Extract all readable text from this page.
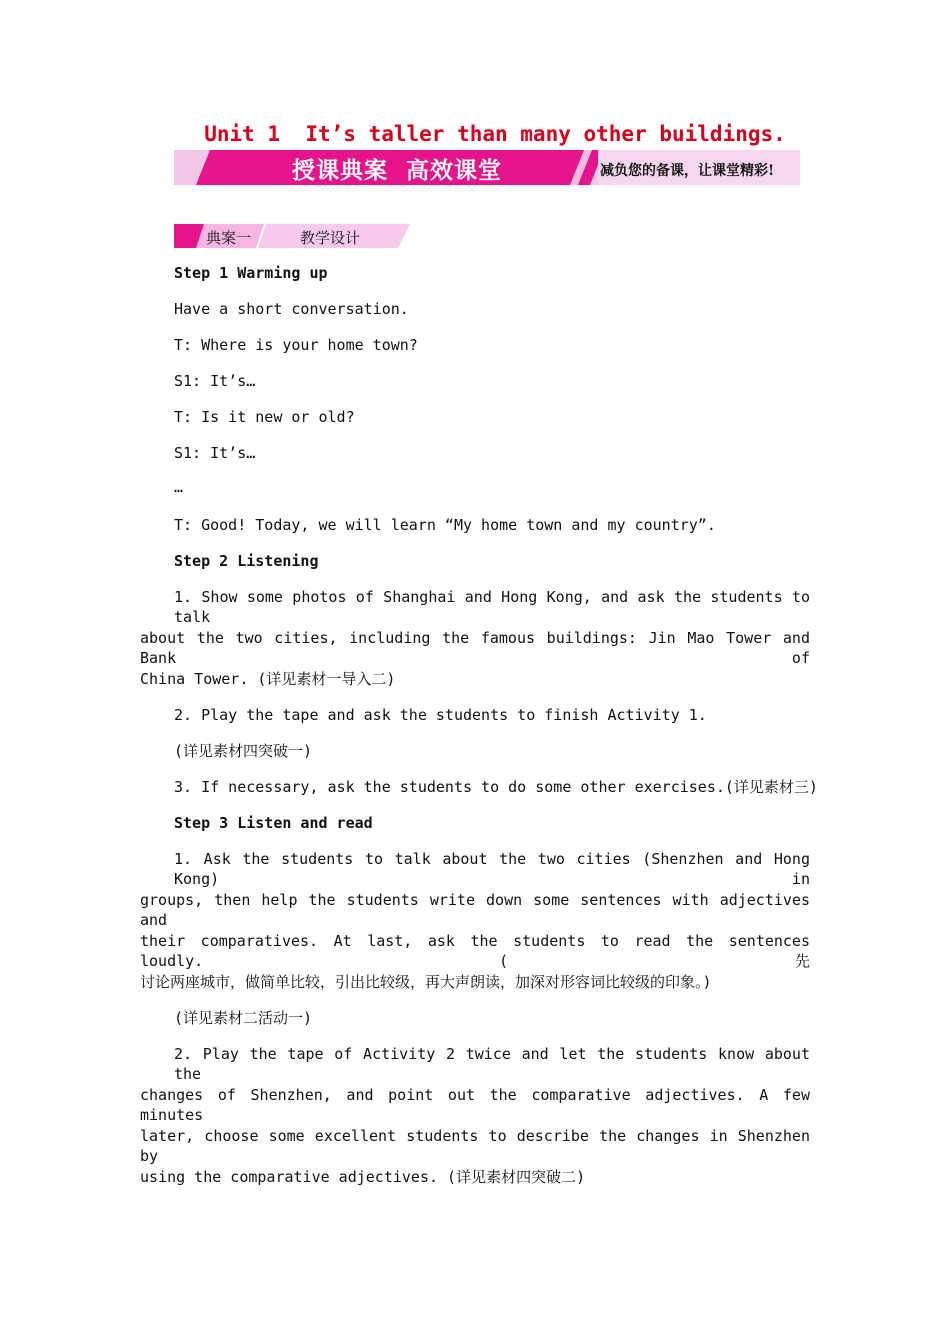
Unit 1  It’s taller than many other buildings.
授课典案  高效课堂	减负您的备课，让课堂精彩!
典案一	教学设计
Step 1 Warming up
Have a short conversation.
T: Where is your home town?
S1: It’s…
T: Is it new or old?
S1: It’s…
…
T: Good! Today, we will learn “My home town and my country”.
Step 2 Listening
1. Show some photos of Shanghai and Hong Kong, and ask the students to talk
about the two cities, including the famous buildings: Jin Mao Tower and Bank of
China Tower. (详见素材一导入二)
2. Play the tape and ask the students to finish Activity 1.
(详见素材四突破一)
3. If necessary, ask the students to do some other exercises.(详见素材三)
Step 3 Listen and read
1. Ask the students to talk about the two cities (Shenzhen and Hong Kong) in
groups, then help the students write down some sentences with adjectives and
their comparatives. At last, ask the students to read the sentences loudly. (先
讨论两座城市，做简单比较，引出比较级，再大声朗读，加深对形容词比较级的印象。)
(详见素材二活动一)
2. Play the tape of Activity 2 twice and let the students know about the
changes of Shenzhen, and point out the comparative adjectives. A few minutes
later, choose some excellent students to describe the changes in Shenzhen by
using the comparative adjectives. (详见素材四突破二)
